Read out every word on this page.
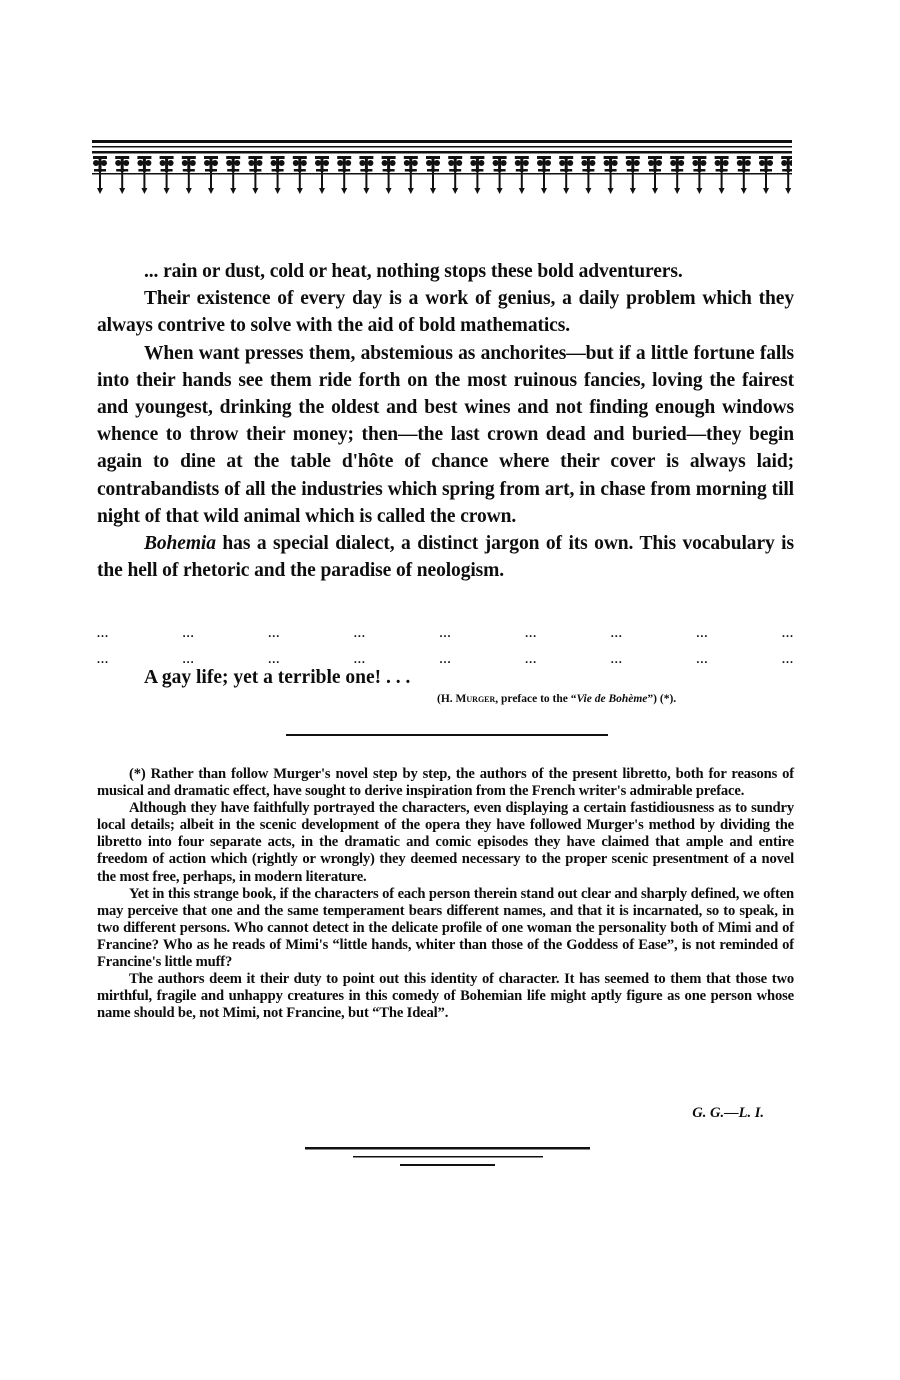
... rain or dust, cold or heat, nothing stops these bold adventurers.

Their existence of every day is a work of genius, a daily problem which they always contrive to solve with the aid of bold mathematics.

When want presses them, abstemious as anchorites—but if a little fortune falls into their hands see them ride forth on the most ruinous fancies, loving the fairest and youngest, drinking the oldest and best wines and not finding enough windows whence to throw their money; then—the last crown dead and buried—they begin again to dine at the table d'hôte of chance where their cover is always laid; contrabandists of all the industries which spring from art, in chase from morning till night of that wild animal which is called the crown.

Bohemia has a special dialect, a distinct jargon of its own. This vocabulary is the hell of rhetoric and the paradise of neologism.

...	...	...	...	...	...	...	...	...
...	...	...	...	...	...	...	...	...
A gay life; yet a terrible one! . . .
(H. Murger, preface to the “Vie de Bohème”) (*).

(*) Rather than follow Murger's novel step by step, the authors of the present libretto, both for reasons of musical and dramatic effect, have sought to derive inspiration from the French writer's admirable preface.

Although they have faithfully portrayed the characters, even displaying a certain fastidiousness as to sundry local details; albeit in the scenic development of the opera they have followed Murger's method by dividing the libretto into four separate acts, in the dramatic and comic episodes they have claimed that ample and entire freedom of action which (rightly or wrongly) they deemed necessary to the proper scenic presentment of a novel the most free, perhaps, in modern literature.

Yet in this strange book, if the characters of each person therein stand out clear and sharply defined, we often may perceive that one and the same temperament bears different names, and that it is incarnated, so to speak, in two different persons. Who cannot detect in the delicate profile of one woman the personality both of Mimi and of Francine? Who as he reads of Mimi's “little hands, whiter than those of the Goddess of Ease”, is not reminded of Francine's little muff?

The authors deem it their duty to point out this identity of character. It has seemed to them that those two mirthful, fragile and unhappy creatures in this comedy of Bohemian life might aptly figure as one person whose name should be, not Mimi, not Francine, but “The Ideal”.

G. G.—L. I.
